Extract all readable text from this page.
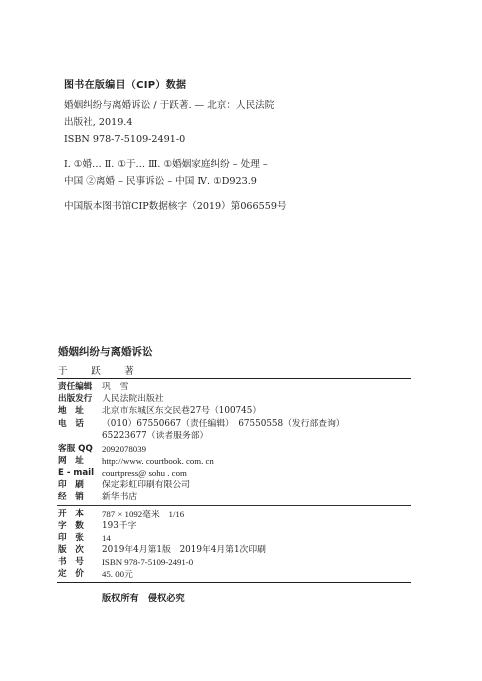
图书在版编目（CIP）数据
婚姻纠纷与离婚诉讼 / 于跃著. — 北京：人民法院
出版社, 2019.4
ISBN 978-7-5109-2491-0
Ⅰ. ①婚… Ⅱ. ①于… Ⅲ. ①婚姻家庭纠纷 – 处理 –
中国 ②离婚 – 民事诉讼 – 中国 Ⅳ. ①D923.9
中国版本图书馆CIP数据核字（2019）第066559号
婚姻纠纷与离婚诉讼
于 跃 著
责任编辑 巩　雪
出版发行 人民法院出版社
地　址	北京市东城区东交民巷27号（100745）
电　话	（010）67550667（责任编辑）　67550558（发行部查询）
65223677（读者服务部）
客服 QQ 2092078039
网　址	http://www. courtbook. com. cn
E - mail courtpress@ sohu . com
印　刷	保定彩虹印刷有限公司
经　销	新华书店
开　本	787 × 1092毫米　1/16
字　数	193千字
印　张	14
版　次	2019年4月第1版　2019年4月第1次印刷
书　号	ISBN 978-7-5109-2491-0
定　价	45. 00元
版权所有　侵权必究
